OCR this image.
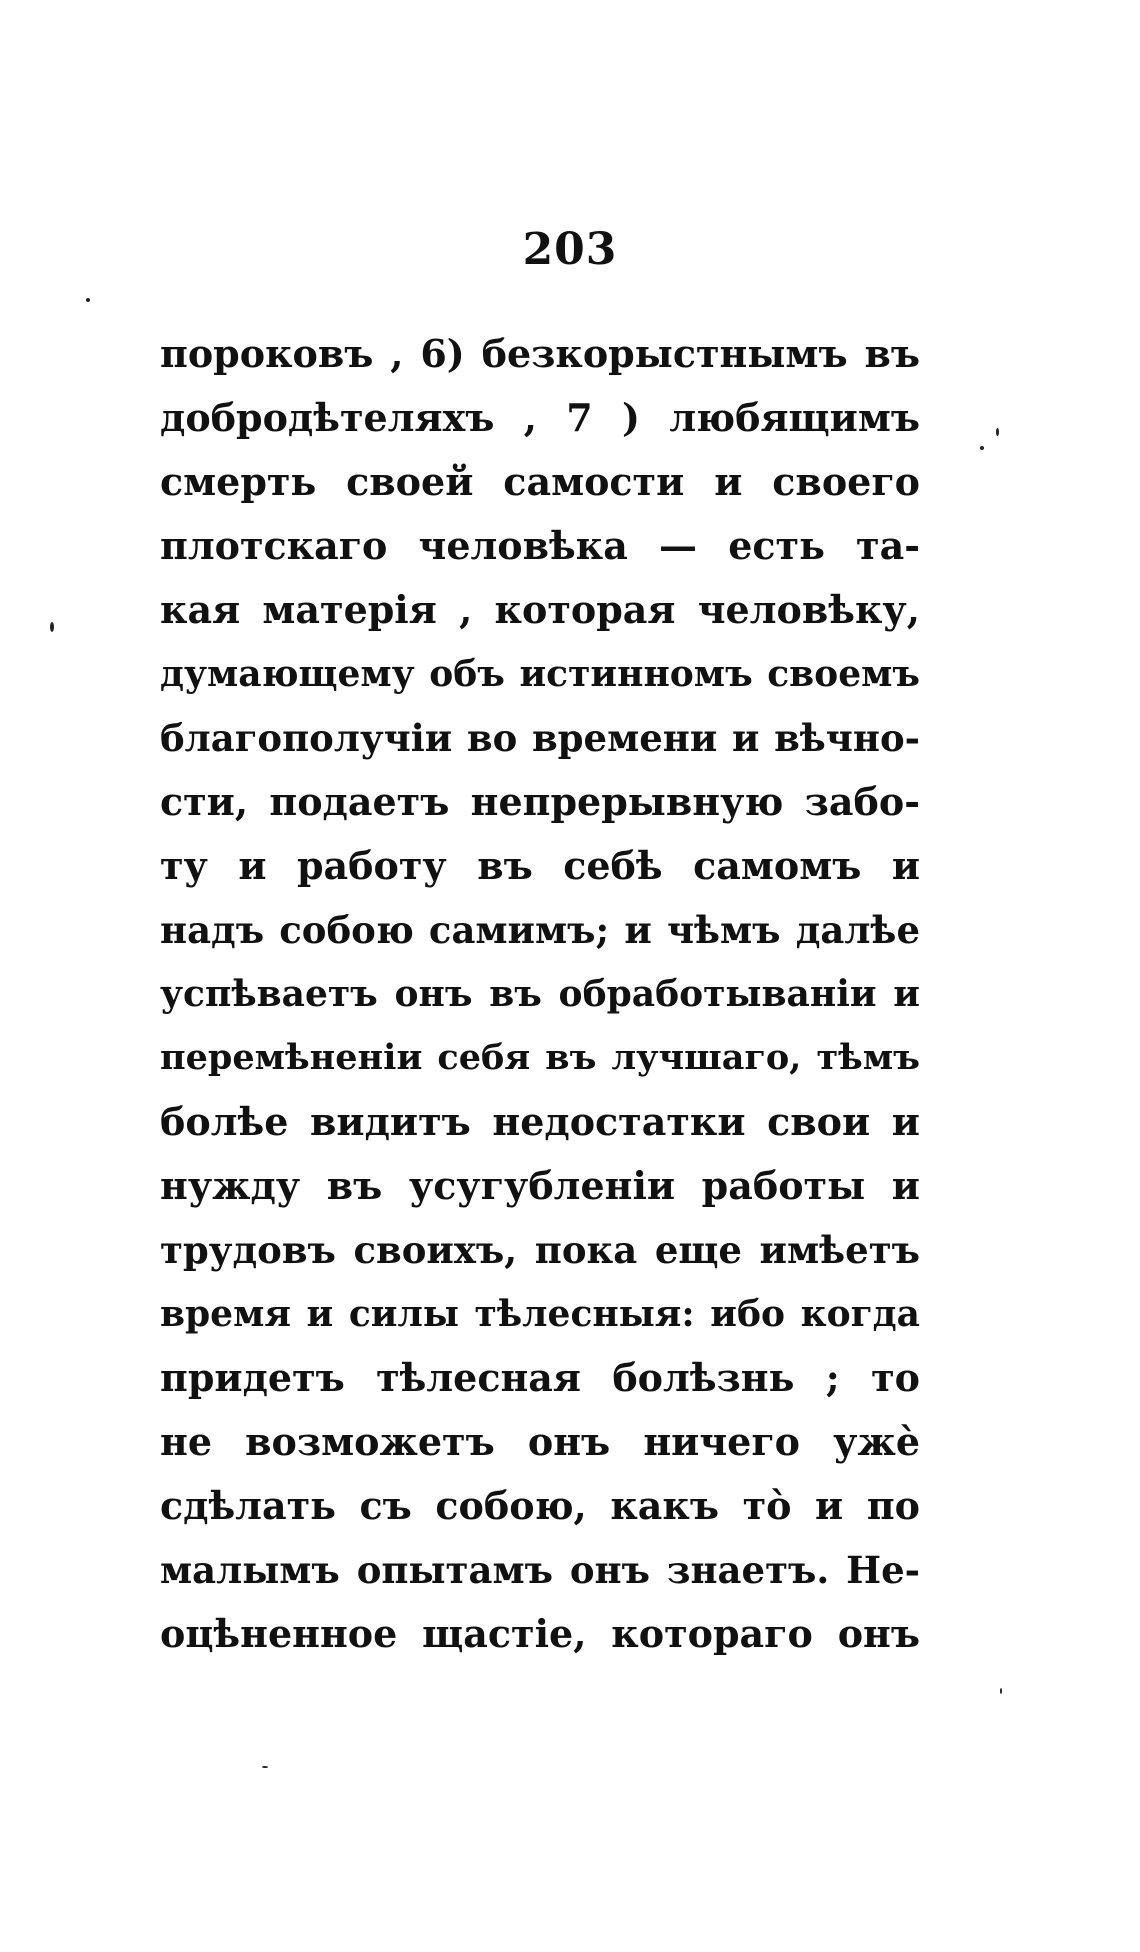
203
пороковъ , 6) безкорыстнымъ въ
добродѣтеляхъ , 7 ) любящимъ
смерть своей самости и своего
плотскаго человѣка — есть та-
кая матерія , которая человѣку,
думающему объ истинномъ своемъ
благополучіи во времени и вѣчно-
сти, подаетъ непрерывную забо-
ту и работу въ себѣ самомъ и
надъ собою самимъ; и чѣмъ далѣе
успѣваетъ онъ въ обработываніи и
перемѣненіи себя въ лучшаго, тѣмъ
болѣе видитъ недостатки свои и
нужду въ усугубленіи работы и
трудовъ своихъ, пока еще имѣетъ
время и силы тѣлесныя: ибо когда
придетъ тѣлесная болѣзнь ; то
не возможетъ онъ ничего ужѐ
сдѣлать съ собою, какъ тò и по
малымъ опытамъ онъ знаетъ. Не-
оцѣненное щастіе, котораго онъ
